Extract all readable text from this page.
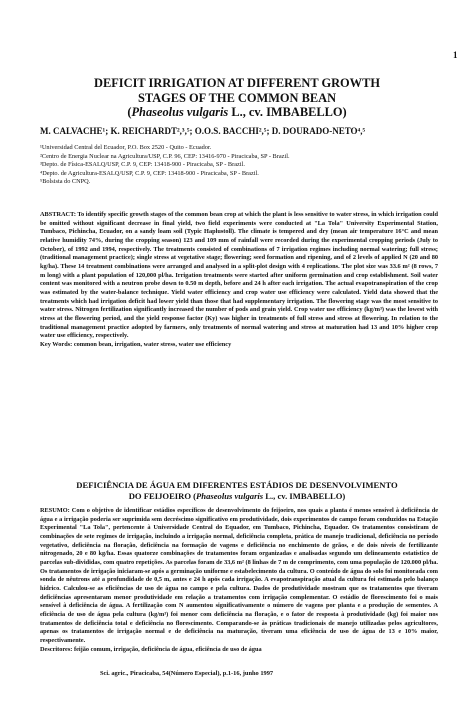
1
DEFICIT IRRIGATION AT DIFFERENT GROWTH
STAGES OF THE COMMON BEAN
(Phaseolus vulgaris L., cv. IMBABELLO)
M. CALVACHE¹; K. REICHARDT²,³,⁵; O.O.S. BACCHI²,⁵; D. DOURADO-NETO⁴,⁵
¹Universidad Central del Ecuador, P.O. Box 2520 - Quito - Ecuador.
²Centro de Energia Nuclear na Agricultura/USP, C.P. 96, CEP: 13416-970 - Piracicaba, SP - Brazil.
³Depto. de Física-ESALQ/USP, C.P. 9, CEP: 13418-900 - Piracicaba, SP - Brazil.
⁴Depto. de Agricultura-ESALQ/USP, C.P. 9, CEP: 13418-900 - Piracicaba, SP - Brazil.
⁵Bolsista do CNPQ.
ABSTRACT: To identify specific growth stages of the common bean crop at which the plant is less sensitive to water stress, in which irrigation could be omitted without significant decrease in final yield, two field experiments were conducted at "La Tola" University Experimental Station, Tumbaco, Pichincha, Ecuador, on a sandy loam soil (Typic Haplustoll). The climate is tempered and dry (mean air temperature 16°C and mean relative humidity 74%, during the cropping season) 123 and 109 mm of rainfall were recorded during the experimental cropping periods (July to October), of 1992 and 1994, respectively. The treatments consisted of combinations of 7 irrigation regimes including normal watering; full stress; (traditional management practice); single stress at vegetative stage; flowering; seed formation and ripening, and of 2 levels of applied N (20 and 80 kg/ha). These 14 treatment combinations were arranged and analysed in a split-plot design with 4 replications. The plot size was 33.6 m² (8 rows, 7 m long) with a plant population of 120,000 pl/ha. Irrigation treatments were started after uniform germination and crop establishment. Soil water content was monitored with a neutron probe down to 0.50 m depth, before and 24 h after each irrigation. The actual evapotranspiration of the crop was estimated by the water-balance technique. Yield water efficiency and crop water use efficiency were calculated. Yield data showed that the treatments which had irrigation deficit had lower yield than those that had supplementary irrigation. The flowering stage was the most sensitive to water stress. Nitrogen fertilization significantly increased the number of pods and grain yield. Crop water use efficiency (kg/m³) was the lowest with stress at the flowering period, and the yield response factor (Ky) was higher in treatments of full stress and stress at flowering. In relation to the traditional management practice adopted by farmers, only treatments of normal watering and stress at maturation had 13 and 10% higher crop water use efficiency, respectively.
Key Words: common bean, irrigation, water stress, water use efficiency
DEFICIÊNCIA DE ÁGUA EM DIFERENTES ESTÁDIOS DE DESENVOLVIMENTO
DO FEIJOEIRO (Phaseolus vulgaris L., cv. IMBABELLO)
RESUMO: Com o objetivo de identificar estádios específicos de desenvolvimento do feijoeiro, nos quais a planta é menos sensível à deficiência de água e a irrigação poderia ser suprimida sem decréscimo significativo em produtividade, dois experimentos de campo foram conduzidos na Estação Experimental "La Tola", pertencente à Universidade Central do Equador, em Tumbaco, Pichincha, Equador. Os tratamentos consistiram de combinações de sete regimes de irrigação, incluindo a irrigação normal, deficiência completa, prática de manejo tradicional, deficiência no período vegetativo, deficiência na floração, deficiência na formação de vagens e deficiência no enchimento de grãos, e de dois níveis de fertilizante nitrogenado, 20 e 80 kg/ha. Essas quatorze combinações de tratamentos foram organizadas e analisadas segundo um delineamento estatístico de parcelas sub-divididas, com quatro repetições. As parcelas foram de 33,6 m² (8 linhas de 7 m de comprimento, com uma população de 120.000 pl/ha. Os tratamentos de irrigação iniciaram-se após a germinação uniforme e estabelecimento da cultura. O conteúdo de água do solo foi monitorada com sonda de nêutrons até a profundidade de 0,5 m, antes e 24 h após cada irrigação. A evapotranspiração atual da cultura foi estimada pelo balanço hídrico. Calculou-se as eficiências de uso de água no campo e pela cultura. Dados de produtividade mostram que os tratamentos que tiveram deficiências apresentaram menor produtividade em relação a tratamentos com irrigação complementar. O estádio de florescimento foi o mais sensível à deficiência de água. A fertilização com N aumentou significativamente o número de vagens por planta e a produção de sementes. A eficiência de uso de água pela cultura (kg/m³) foi menor com deficiência na floração, e o fator de resposta à produtividade (kg) foi maior nos tratamentos de deficiência total e deficiência no florescimento. Comparando-se às práticas tradicionais de manejo utilizadas pelos agricultores, apenas os tratamentos de irrigação normal e de deficiência na maturação, tiveram uma eficiência de uso de água de 13 e 10% maior, respectivamente.
Descritores: feijão comum, irrigação, deficiência de água, eficiência de uso de água
Sci. agric., Piracicaba, 54(Número Especial), p.1-16, junho 1997
